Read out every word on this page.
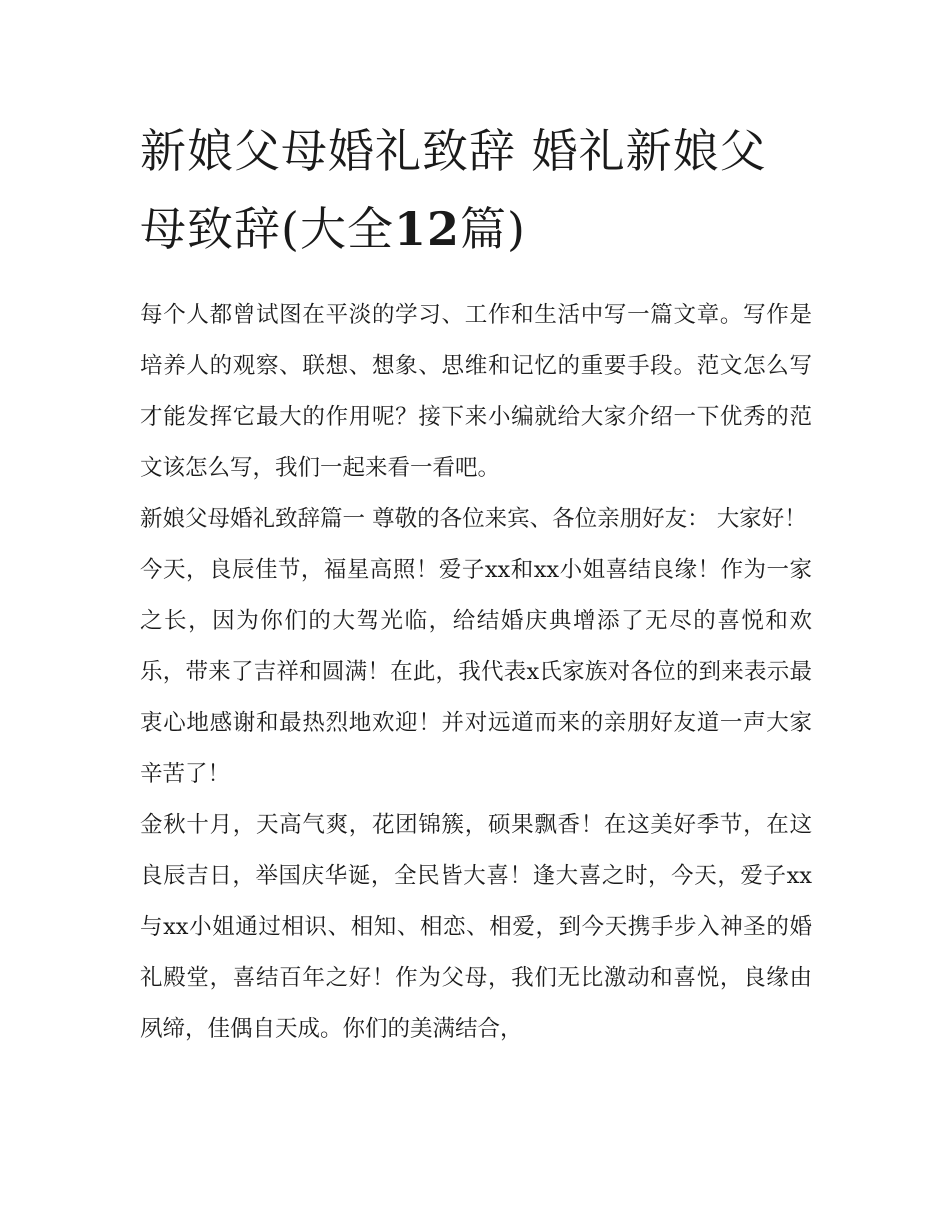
新娘父母婚礼致辞 婚礼新娘父母致辞(大全12篇)

每个人都曾试图在平淡的学习、工作和生活中写一篇文章。写作是培养人的观察、联想、想象、思维和记忆的重要手段。范文怎么写才能发挥它最大的作用呢？接下来小编就给大家介绍一下优秀的范文该怎么写，我们一起来看一看吧。

新娘父母婚礼致辞篇一 尊敬的各位来宾、各位亲朋好友： 大家好！

今天，良辰佳节，福星高照！爱子xx和xx小姐喜结良缘！作为一家之长，因为你们的大驾光临，给结婚庆典增添了无尽的喜悦和欢乐，带来了吉祥和圆满！在此，我代表x氏家族对各位的到来表示最衷心地感谢和最热烈地欢迎！并对远道而来的亲朋好友道一声大家辛苦了！

金秋十月，天高气爽，花团锦簇，硕果飘香！在这美好季节，在这良辰吉日，举国庆华诞，全民皆大喜！逢大喜之时，今天，爱子xx与xx小姐通过相识、相知、相恋、相爱，到今天携手步入神圣的婚礼殿堂，喜结百年之好！作为父母，我们无比激动和喜悦，良缘由夙缔，佳偶自天成。你们的美满结合，
